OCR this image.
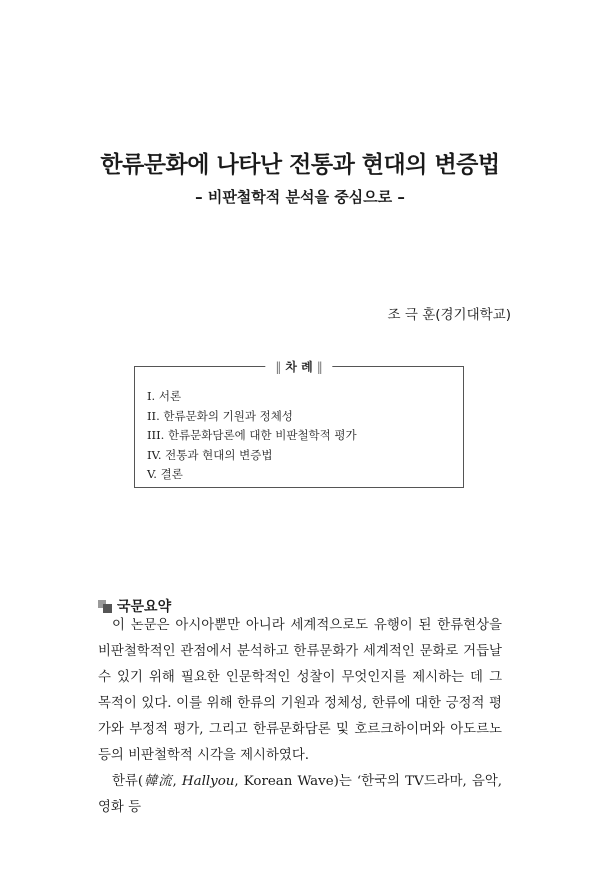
한류문화에 나타난 전통과 현대의 변증법
– 비판철학적 분석을 중심으로 –
조 극 훈(경기대학교)
‖ 차 례 ‖
I. 서론
II. 한류문화의 기원과 정체성
III. 한류문화담론에 대한 비판철학적 평가
IV. 전통과 현대의 변증법
V. 결론
국문요약

이 논문은 아시아뿐만 아니라 세계적으로도 유행이 된 한류현상을 비판철학적인 관점에서 분석하고 한류문화가 세계적인 문화로 거듭날 수 있기 위해 필요한 인문학적인 성찰이 무엇인지를 제시하는 데 그 목적이 있다. 이를 위해 한류의 기원과 정체성, 한류에 대한 긍정적 평가와 부정적 평가, 그리고 한류문화담론 및 호르크하이머와 아도르노 등의 비판철학적 시각을 제시하였다.

한류(韓流, Hallyou, Korean Wave)는 ‘한국의 TV드라마, 음악, 영화 등
